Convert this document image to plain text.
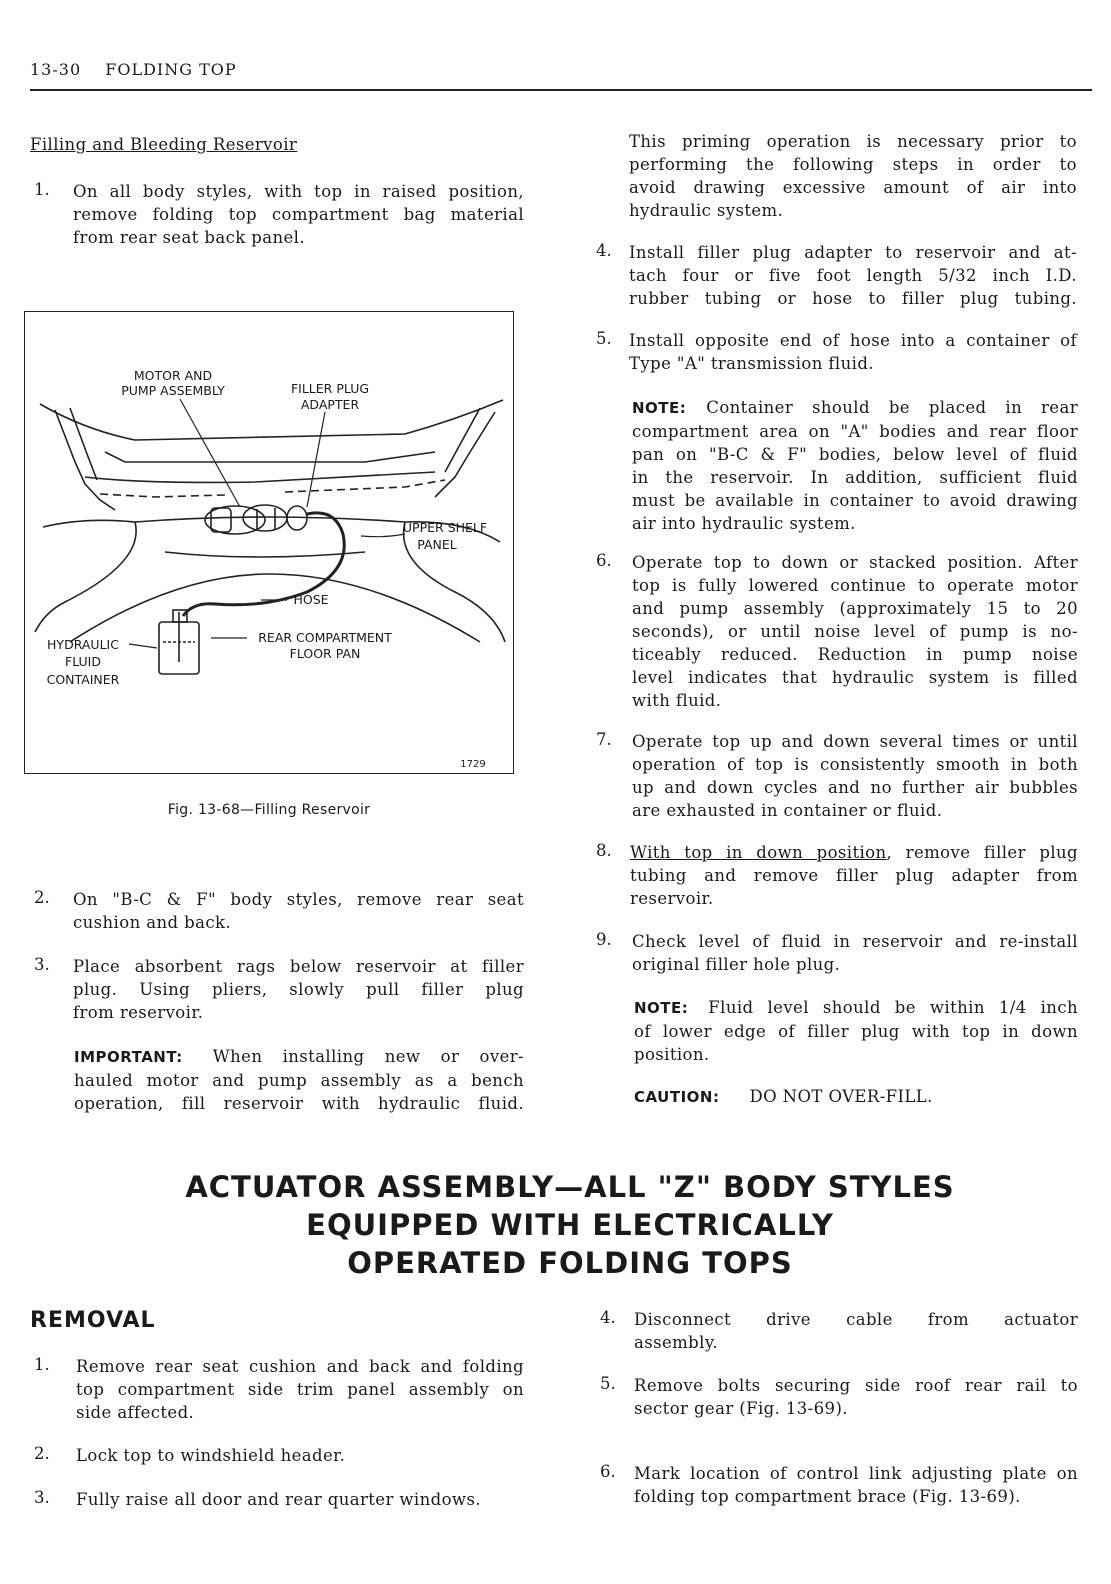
13-30 FOLDING TOP
Filling and Bleeding Reservoir
1.	On all body styles, with top in raised position,
remove folding top compartment bag material
from rear seat back panel.
MOTOR AND
PUMP ASSEMBLY	FILLER PLUG
ADAPTER
UPPER SHELF
PANEL
HOSE
REAR COMPARTMENT
FLOOR PAN
HYDRAULIC
FLUID
CONTAINER
1729
Fig. 13-68—Filling Reservoir
2.	On "B-C & F" body styles, remove rear seat
cushion and back.
3.	Place absorbent rags below reservoir at filler
plug. Using pliers, slowly pull filler plug
from reservoir.
IMPORTANT: When installing new or over-
hauled motor and pump assembly as a bench
operation, fill reservoir with hydraulic fluid.
This priming operation is necessary prior to
performing the following steps in order to
avoid drawing excessive amount of air into
hydraulic system.
4.	Install filler plug adapter to reservoir and at-
tach four or five foot length 5/32 inch I.D.
rubber tubing or hose to filler plug tubing.
5.	Install opposite end of hose into a container of
Type "A" transmission fluid.
NOTE: Container should be placed in rear
compartment area on "A" bodies and rear floor
pan on "B-C & F" bodies, below level of fluid
in the reservoir. In addition, sufficient fluid
must be available in container to avoid drawing
air into hydraulic system.
6.	Operate top to down or stacked position. After
top is fully lowered continue to operate motor
and pump assembly (approximately 15 to 20
seconds), or until noise level of pump is no-
ticeably reduced. Reduction in pump noise
level indicates that hydraulic system is filled
with fluid.
7.	Operate top up and down several times or until
operation of top is consistently smooth in both
up and down cycles and no further air bubbles
are exhausted in container or fluid.
8.	With top in down position, remove filler plug
tubing and remove filler plug adapter from
reservoir.
9.	Check level of fluid in reservoir and re-install
original filler hole plug.
NOTE: Fluid level should be within 1/4 inch
of lower edge of filler plug with top in down
position.
CAUTION: DO NOT OVER-FILL.
ACTUATOR ASSEMBLY—ALL "Z" BODY STYLES
EQUIPPED WITH ELECTRICALLY
OPERATED FOLDING TOPS
REMOVAL
1.	Remove rear seat cushion and back and folding
top compartment side trim panel assembly on
side affected.
2.	Lock top to windshield header.
3.	Fully raise all door and rear quarter windows.
4.	Disconnect drive cable from actuator
assembly.
5.	Remove bolts securing side roof rear rail to
sector gear (Fig. 13-69).
6.	Mark location of control link adjusting plate on
folding top compartment brace (Fig. 13-69).
